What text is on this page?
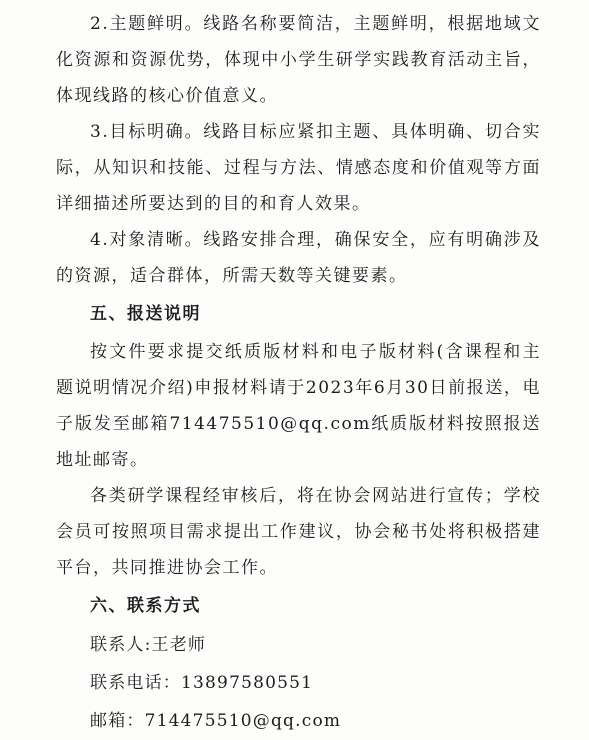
2.主题鲜明。线路名称要简洁，主题鲜明，根据地域文化资源和资源优势，体现中小学生研学实践教育活动主旨，体现线路的核心价值意义。

3.目标明确。线路目标应紧扣主题、具体明确、切合实际，从知识和技能、过程与方法、情感态度和价值观等方面详细描述所要达到的目的和育人效果。

4.对象清晰。线路安排合理，确保安全，应有明确涉及的资源，适合群体，所需天数等关键要素。

五、报送说明

按文件要求提交纸质版材料和电子版材料(含课程和主题说明情况介绍)申报材料请于2023年6月30日前报送，电子版发至邮箱714475510@qq.com纸质版材料按照报送地址邮寄。

各类研学课程经审核后，将在协会网站进行宣传；学校会员可按照项目需求提出工作建议，协会秘书处将积极搭建平台，共同推进协会工作。

六、联系方式

联系人:王老师

联系电话：13897580551

邮箱：714475510@qq.com
